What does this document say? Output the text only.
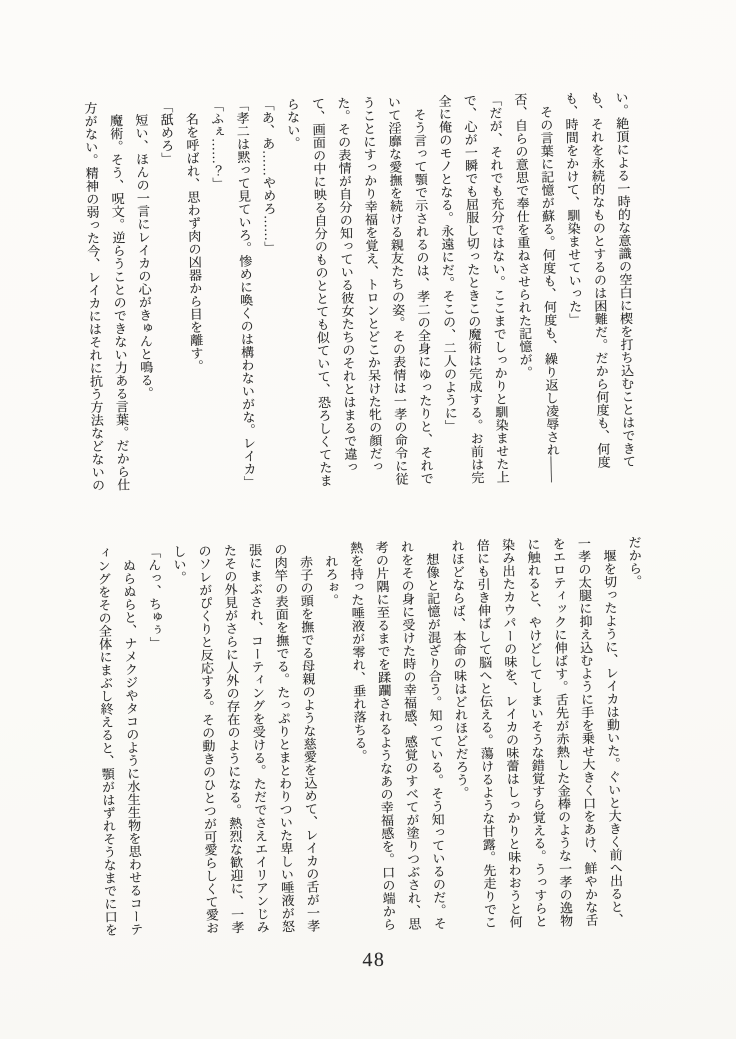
い。絶頂による一時的な意識の空白に楔を打ち込むことはできて
も、それを永続的なものとするのは困難だ。だから何度も、何度
も、時間をかけて、馴染ませていった」
　その言葉に記憶が蘇る。何度も、何度も、繰り返し凌辱され――
否、自らの意思で奉仕を重ねさせられた記憶が。
「だが、それでも充分ではない。ここまでしっかりと馴染ませた上
で、心が一瞬でも屈服し切ったときこの魔術は完成する。お前は完
全に俺のモノとなる。永遠にだ。そこの、二人のように」
　そう言って顎で示されるのは、孝二の全身にゆったりと、それで
いて淫靡な愛撫を続ける親友たちの姿。その表情は一孝の命令に従
うことにすっかり幸福を覚え、トロンとどこか呆けた牝の顔だっ
た。その表情が自分の知っている彼女たちのそれとはまるで違っ
て、画面の中に映る自分のものととても似ていて、恐ろしくてたま
らない。
「あ、あ……やめろ……」
「孝二は黙って見ていろ。惨めに喚くのは構わないがな。レイカ」
「ふぇ……？」
　名を呼ばれ、思わず肉の凶器から目を離す。
「舐めろ」
　短い、ほんの一言にレイカの心がきゅんと鳴る。
　魔術。そう、呪文。逆らうことのできない力ある言葉。だから仕
方がない。精神の弱った今、レイカにはそれに抗う方法などないの
だから。
　堰を切ったように、レイカは動いた。ぐいと大きく前へ出ると、
一孝の太腿に抑え込むように手を乗せ大きく口をあけ、鮮やかな舌
をエロティックに伸ばす。舌先が赤熱した金棒のような一孝の逸物
に触れると、やけどしてしまいそうな錯覚すら覚える。うっすらと
染み出たカウパーの味を、レイカの味蕾はしっかりと味わおうと何
倍にも引き伸ばして脳へと伝える。蕩けるような甘露。先走りでこ
れほどならば、本命の味はどれほどだろう。
　想像と記憶が混ざり合う。知っている。そう知っているのだ。そ
れをその身に受けた時の幸福感、感覚のすべてが塗りつぶされ、思
考の片隅に至るまでを蹂躙されるようなあの幸福感を。口の端から
熱を持った唾液が零れ、垂れ落ちる。
　れろぉ。
　赤子の頭を撫でる母親のような慈愛を込めて、レイカの舌が一孝
の肉竿の表面を撫でる。たっぷりとまとわりついた卑しい唾液が怒
張にまぶされ、コーティングを受ける。ただでさえエイリアンじみ
たその外見がさらに人外の存在のようになる。熱烈な歓迎に、一孝
のソレがぴくりと反応する。その動きのひとつが可愛らしくて愛お
しい。
「んっ、ちゅぅ」
　ぬらぬらと、ナメクジやタコのように水生生物を思わせるコーテ
ィングをその全体にまぶし終えると、顎がはずれそうなまでに口を
48
